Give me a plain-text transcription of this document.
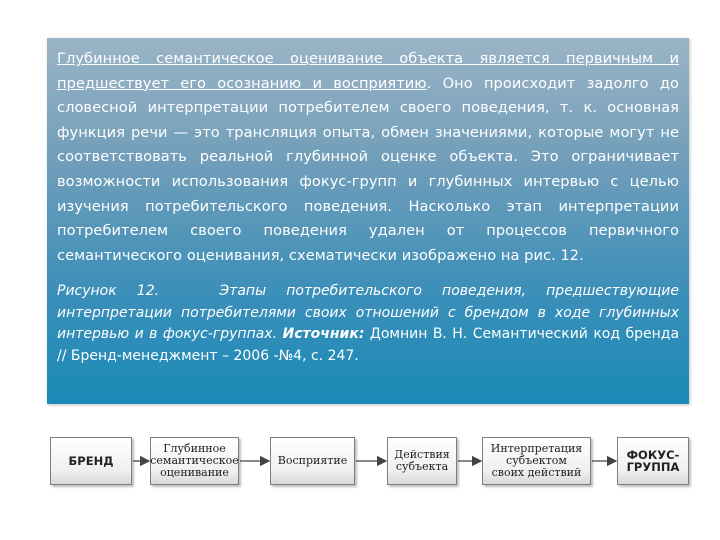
Глубинное семантическое оценивание объекта является первичным и предшествует его осознанию и восприятию. Оно происходит задолго до словесной интерпретации потребителем своего поведения, т. к. основная функция речи — это трансляция опыта, обмен значениями, которые могут не соответствовать реальной глубинной оценке объекта. Это ограничивает возможности использования фокус-групп и глубинных интервью с целью изучения потребительского поведения. Насколько этап интерпретации потребителем своего поведения удален от процессов первичного семантического оценивания, схематически изображено на рис. 12.

Рисунок 12.	Этапы потребительского поведения, предшествующие интерпретации потребителями своих отношений с брендом в ходе глубинных интервью и в фокус-группах. Источник: Домнин В. Н. Семантический код бренда // Бренд-менеджмент – 2006 -№4, с. 247.

БРЕНД
Глубинное
семантическое
оценивание
Восприятие	Действия
субъекта
Интерпретация
субъектом
своих действий
ФОКУС-
ГРУППА
